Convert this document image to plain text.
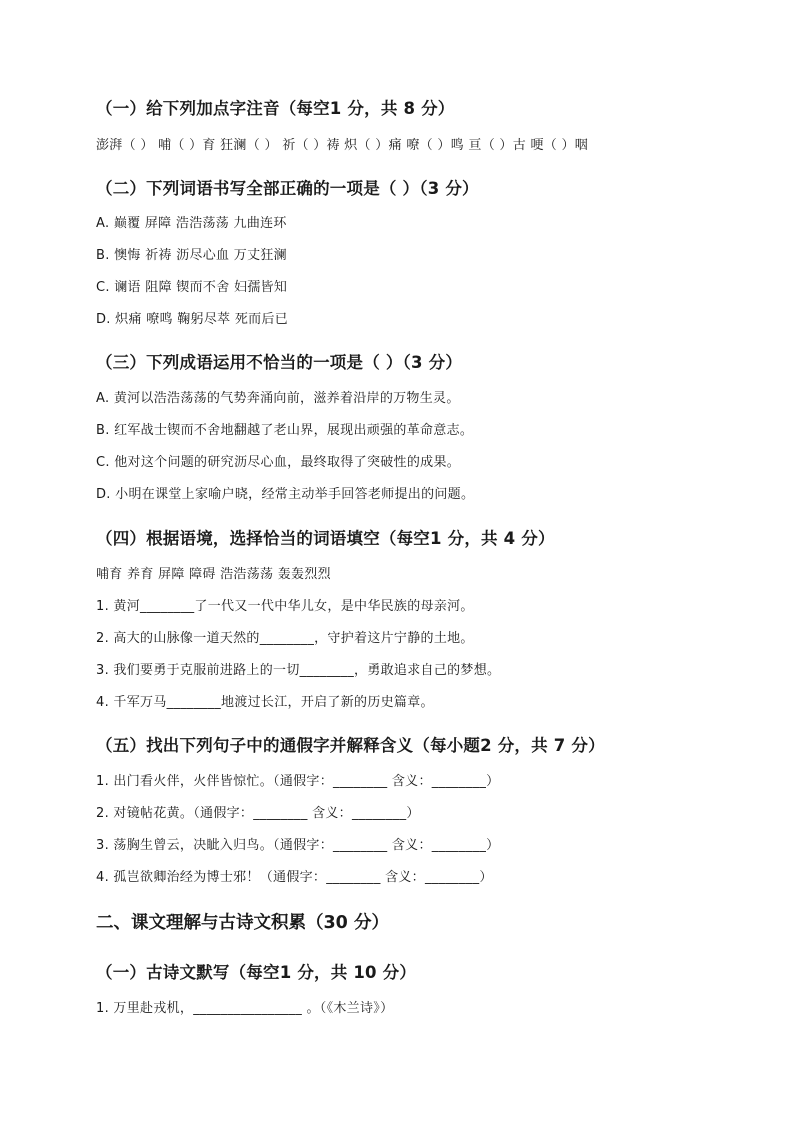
（一）给下列加点字注音（每空1 分，共 8 分）
澎湃（ ） 哺（ ）育 狂澜（ ） 祈（ ）祷 炽（ ）痛 嘹（ ）鸣 亘（ ）古 哽（ ）咽
（二）下列词语书写全部正确的一项是（ ）（3 分）
A. 巅覆 屏障 浩浩荡荡 九曲连环
B. 懊悔 祈祷 沥尽心血 万丈狂澜
C. 谰语 阻障 锲而不舍 妇孺皆知
D. 炽痛 嘹鸣 鞠躬尽萃 死而后已
（三）下列成语运用不恰当的一项是（ ）（3 分）
A. 黄河以浩浩荡荡的气势奔涌向前，滋养着沿岸的万物生灵。
B. 红军战士锲而不舍地翻越了老山界，展现出顽强的革命意志。
C. 他对这个问题的研究沥尽心血，最终取得了突破性的成果。
D. 小明在课堂上家喻户晓，经常主动举手回答老师提出的问题。
（四）根据语境，选择恰当的词语填空（每空1 分，共 4 分）
哺育 养育 屏障 障碍 浩浩荡荡 轰轰烈烈
1. 黄河________了一代又一代中华儿女，是中华民族的母亲河。
2. 高大的山脉像一道天然的________，守护着这片宁静的土地。
3. 我们要勇于克服前进路上的一切________，勇敢追求自己的梦想。
4. 千军万马________地渡过长江，开启了新的历史篇章。
（五）找出下列句子中的通假字并解释含义（每小题2 分，共 7 分）
1. 出门看火伴，火伴皆惊忙。（通假字：________ 含义：________）
2. 对镜帖花黄。（通假字：________ 含义：________）
3. 荡胸生曾云，决眦入归鸟。（通假字：________ 含义：________）
4. 孤岂欲卿治经为博士邪！（通假字：________ 含义：________）
二、课文理解与古诗文积累（30 分）
（一）古诗文默写（每空1 分，共 10 分）
1. 万里赴戎机，________________ 。（《木兰诗》）
